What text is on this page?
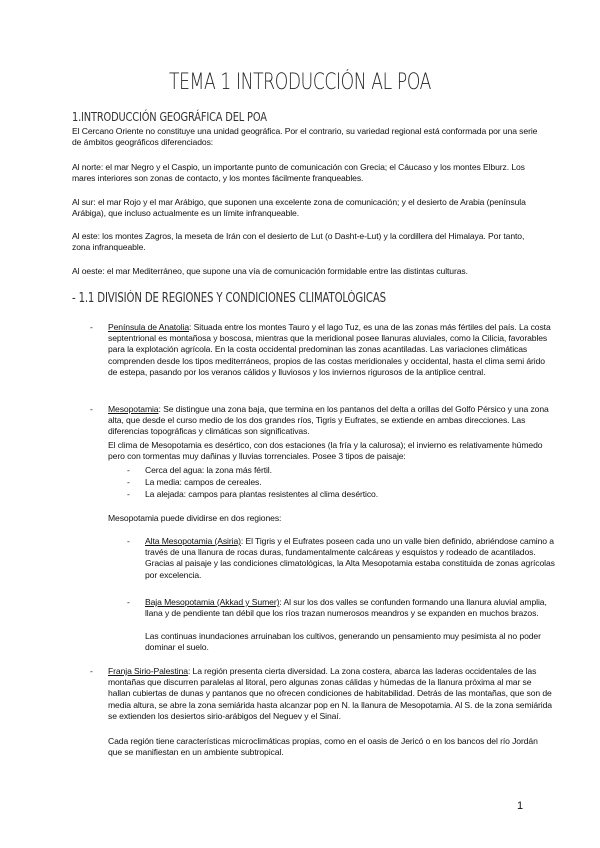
TEMA 1 INTRODUCCIÓN AL POA
1.INTRODUCCIÓN GEOGRÁFICA DEL POA
El Cercano Oriente no constituye una unidad geográfica. Por el contrario, su variedad regional está conformada por una serie de ámbitos geográficos diferenciados:
Al norte: el mar Negro y el Caspio, un importante punto de comunicación con Grecia; el Cáucaso y los montes Elburz. Los mares interiores son zonas de contacto, y los montes fácilmente franqueables.
Al sur: el mar Rojo y el mar Arábigo, que suponen una excelente zona de comunicación; y el desierto de Arabia (península Arábiga), que incluso actualmente es un límite infranqueable.
Al este: los montes Zagros, la meseta de Irán con el desierto de Lut (o Dasht-e-Lut) y la cordillera del Himalaya. Por tanto, zona infranqueable.
Al oeste: el mar Mediterráneo, que supone una vía de comunicación formidable entre las distintas culturas.
- 1.1 DIVISIÓN DE REGIONES Y CONDICIONES CLIMATOLÓGICAS
- Península de Anatolia: Situada entre los montes Tauro y el lago Tuz, es una de las zonas más fértiles del país. La costa septentrional es montañosa y boscosa, mientras que la meridional posee llanuras aluviales, como la Cilicia, favorables para la explotación agrícola. En la costa occidental predominan las zonas acantiladas. Las variaciones climáticas comprenden desde los tipos mediterráneos, propios de las costas meridionales y occidental, hasta el clima semi árido de estepa, pasando por los veranos cálidos y lluviosos y los inviernos rigurosos de la antiplice central.
- Mesopotamia: Se distingue una zona baja, que termina en los pantanos del delta a orillas del Golfo Pérsico y una zona alta, que desde el curso medio de los dos grandes ríos, Tigris y Eufrates, se extiende en ambas direcciones. Las diferencias topográficas y climáticas son significativas.
El clima de Mesopotamia es desértico, con dos estaciones (la fría y la calurosa); el invierno es relativamente húmedo pero con tormentas muy dañinas y lluvias torrenciales. Posee 3 tipos de paisaje:
- Cerca del agua: la zona más fértil.
- La media: campos de cereales.
- La alejada: campos para plantas resistentes al clima desértico.
Mesopotamia puede dividirse en dos regiones:
- Alta Mesopotamia (Asiria): El Tigris y el Eufrates poseen cada uno un valle bien definido, abriéndose camino a través de una llanura de rocas duras, fundamentalmente calcáreas y esquistos y rodeado de acantilados. Gracias al paisaje y las condiciones climatológicas, la Alta Mesopotamia estaba constituida de zonas agrícolas por excelencia.
- Baja Mesopotamia (Akkad y Sumer): Al sur los dos valles se confunden formando una llanura aluvial amplia, llana y de pendiente tan débil que los ríos trazan numerosos meandros y se expanden en muchos brazos.
Las continuas inundaciones arruinaban los cultivos, generando un pensamiento muy pesimista al no poder dominar el suelo.
- Franja Sirio-Palestina: La región presenta cierta diversidad. La zona costera, abarca las laderas occidentales de las montañas que discurren paralelas al litoral, pero algunas zonas cálidas y húmedas de la llanura próxima al mar se hallan cubiertas de dunas y pantanos que no ofrecen condiciones de habitabilidad. Detrás de las montañas, que son de media altura, se abre la zona semiárida hasta alcanzar pop en N. la llanura de Mesopotamia. Al S. de la zona semiárida se extienden los desiertos sirio-arábigos del Neguev y el Sinaí.
Cada región tiene características microclimáticas propias, como en el oasis de Jericó o en los bancos del río Jordán que se manifiestan en un ambiente subtropical.
1
